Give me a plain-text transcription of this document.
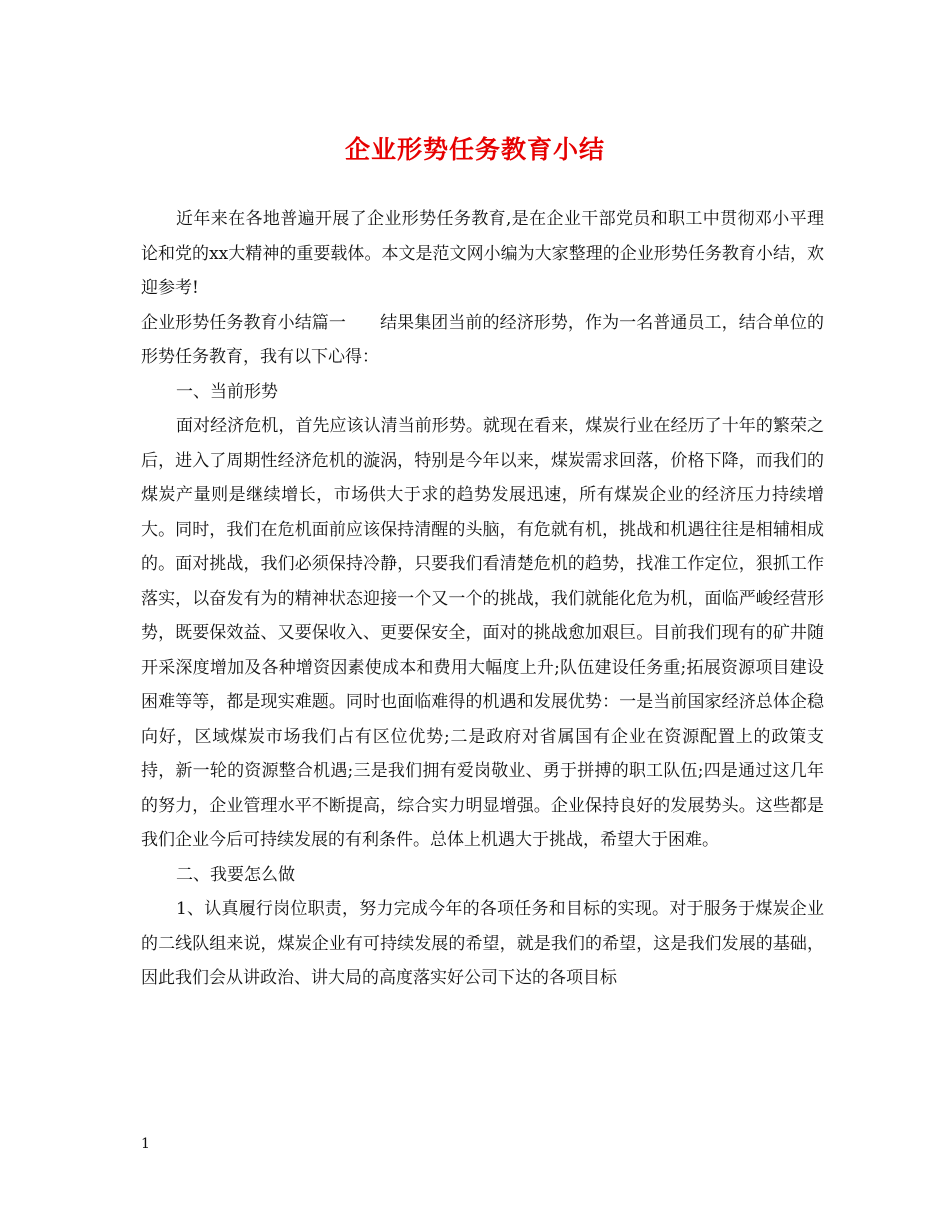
企业形势任务教育小结

近年来在各地普遍开展了企业形势任务教育,是在企业干部党员和职工中贯彻邓小平理论和党的xx大精神的重要载体。本文是范文网小编为大家整理的企业形势任务教育小结，欢迎参考!

企业形势任务教育小结篇一　　结果集团当前的经济形势，作为一名普通员工，结合单位的形势任务教育，我有以下心得：

一、当前形势

面对经济危机，首先应该认清当前形势。就现在看来，煤炭行业在经历了十年的繁荣之后，进入了周期性经济危机的漩涡，特别是今年以来，煤炭需求回落，价格下降，而我们的煤炭产量则是继续增长，市场供大于求的趋势发展迅速，所有煤炭企业的经济压力持续增大。同时，我们在危机面前应该保持清醒的头脑，有危就有机，挑战和机遇往往是相辅相成的。面对挑战，我们必须保持冷静，只要我们看清楚危机的趋势，找准工作定位，狠抓工作落实，以奋发有为的精神状态迎接一个又一个的挑战，我们就能化危为机，面临严峻经营形势，既要保效益、又要保收入、更要保安全，面对的挑战愈加艰巨。目前我们现有的矿井随开采深度增加及各种增资因素使成本和费用大幅度上升;队伍建设任务重;拓展资源项目建设困难等等，都是现实难题。同时也面临难得的机遇和发展优势：一是当前国家经济总体企稳向好，区域煤炭市场我们占有区位优势;二是政府对省属国有企业在资源配置上的政策支持，新一轮的资源整合机遇;三是我们拥有爱岗敬业、勇于拼搏的职工队伍;四是通过这几年的努力，企业管理水平不断提高，综合实力明显增强。企业保持良好的发展势头。这些都是我们企业今后可持续发展的有利条件。总体上机遇大于挑战，希望大于困难。

二、我要怎么做

1、认真履行岗位职责，努力完成今年的各项任务和目标的实现。对于服务于煤炭企业的二线队组来说，煤炭企业有可持续发展的希望，就是我们的希望，这是我们发展的基础，因此我们会从讲政治、讲大局的高度落实好公司下达的各项目标

1
